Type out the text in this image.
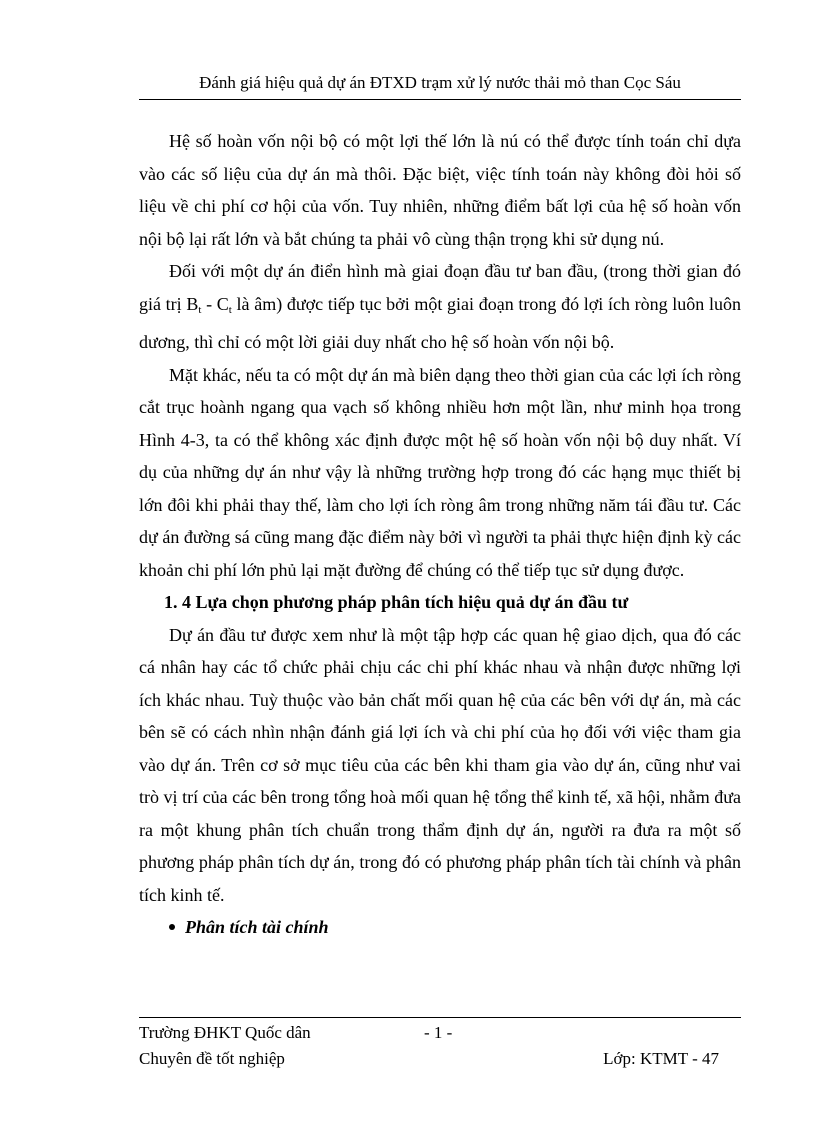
Đánh giá hiệu quả dự án ĐTXD trạm xử lý nước thải mỏ than Cọc Sáu

Hệ số hoàn vốn nội bộ có một lợi thế lớn là nú có thể được tính toán chỉ dựa vào các số liệu của dự án mà thôi. Đặc biệt, việc tính toán này không đòi hỏi số liệu về chi phí cơ hội của vốn. Tuy nhiên, những điểm bất lợi của hệ số hoàn vốn nội bộ lại rất lớn và bắt chúng ta phải vô cùng thận trọng khi sử dụng nú.

Đối với một dự án điển hình mà giai đoạn đầu tư ban đầu, (trong thời gian đó giá trị $B_t - C_t$ là âm) được tiếp tục bởi một giai đoạn trong đó lợi ích ròng luôn luôn dương, thì chỉ có một lời giải duy nhất cho hệ số hoàn vốn nội bộ.

Mặt khác, nếu ta có một dự án mà biên dạng theo thời gian của các lợi ích ròng cắt trục hoành ngang qua vạch số không nhiều hơn một lần, như minh họa trong Hình 4-3, ta có thể không xác định được một hệ số hoàn vốn nội bộ duy nhất. Ví dụ của những dự án như vậy là những trường hợp trong đó các hạng mục thiết bị lớn đôi khi phải thay thế, làm cho lợi ích ròng âm trong những năm tái đầu tư. Các dự án đường sá cũng mang đặc điểm này bởi vì người ta phải thực hiện định kỳ các khoản chi phí lớn phủ lại mặt đường để chúng có thể tiếp tục sử dụng được.

1. 4 Lựa chọn phương pháp phân tích hiệu quả dự án đầu tư

Dự án đầu tư được xem như là một tập hợp các quan hệ giao dịch, qua đó các cá nhân hay các tổ chức phải chịu các chi phí khác nhau và nhận được những lợi ích khác nhau. Tuỳ thuộc vào bản chất mối quan hệ của các bên với dự án, mà các bên sẽ có cách nhìn nhận đánh giá lợi ích và chi phí của họ đối với việc tham gia vào dự án. Trên cơ sở mục tiêu của các bên khi tham gia vào dự án, cũng như vai trò vị trí của các bên trong tổng hoà mối quan hệ tổng thể kinh tế, xã hội, nhằm đưa ra một khung phân tích chuẩn trong thẩm định dự án, người ra đưa ra một số phương pháp phân tích dự án, trong đó có phương pháp phân tích tài chính và phân tích kinh tế.

Phân tích tài chính

Trường ĐHKT Quốc dân	- 1 -
Chuyên đề tốt nghiệp	Lớp: KTMT - 47
